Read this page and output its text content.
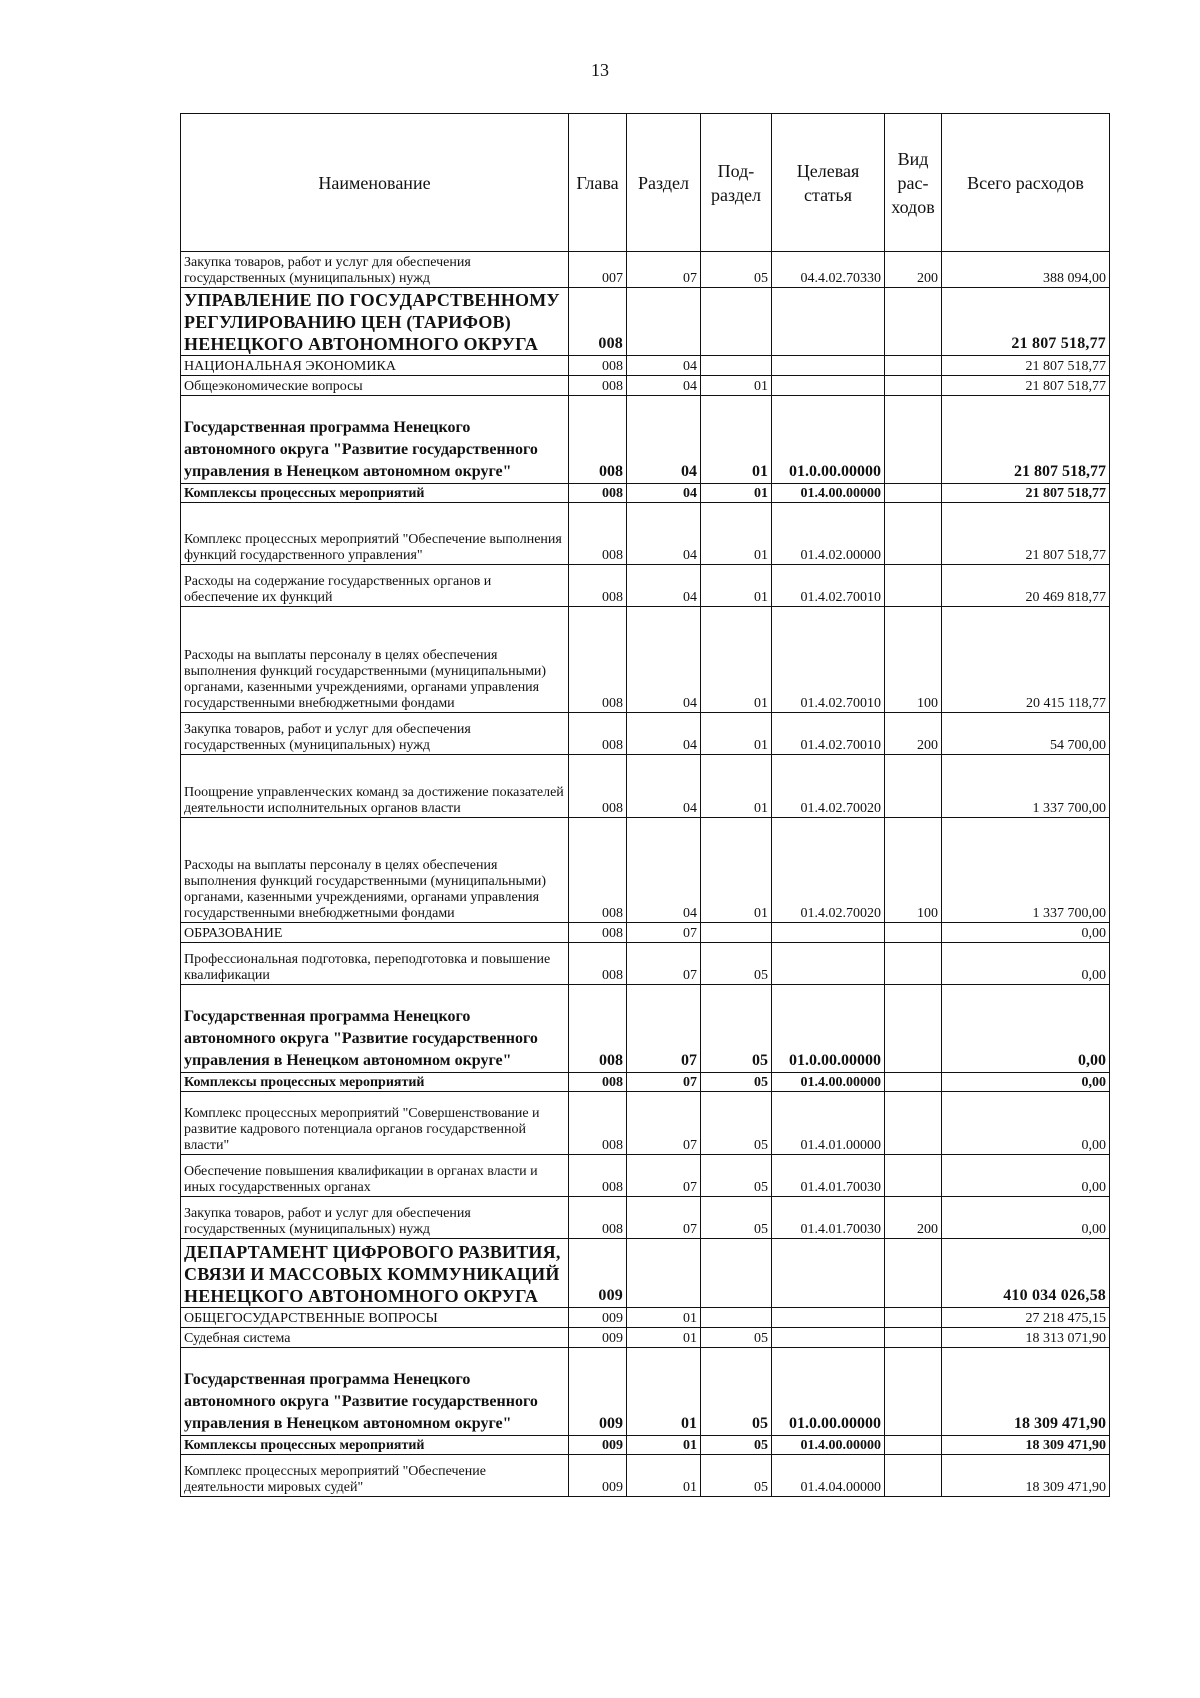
13
Наименование	Глава	Раздел	Под-раздел	Целевая статья	Вид рас-ходов	Всего расходов
Закупка товаров, работ и услуг для обеспечения государственных (муниципальных) нужд	007	07	05	04.4.02.70330	200	388 094,00
УПРАВЛЕНИЕ ПО ГОСУДАРСТВЕННОМУ РЕГУЛИРОВАНИЮ ЦЕН (ТАРИФОВ) НЕНЕЦКОГО АВТОНОМНОГО ОКРУГА	008					21 807 518,77
НАЦИОНАЛЬНАЯ ЭКОНОМИКА	008	04				21 807 518,77
Общеэкономические вопросы	008	04	01			21 807 518,77
Государственная программа Ненецкого автономного округа "Развитие государственного управления в Ненецком автономном округе"	008	04	01	01.0.00.00000		21 807 518,77
Комплексы процессных мероприятий	008	04	01	01.4.00.00000		21 807 518,77
Комплекс процессных мероприятий "Обеспечение выполнения функций государственного управления"	008	04	01	01.4.02.00000		21 807 518,77
Расходы на содержание государственных органов и обеспечение их функций	008	04	01	01.4.02.70010		20 469 818,77
Расходы на выплаты персоналу в целях обеспечения выполнения функций государственными (муниципальными) органами, казенными учреждениями, органами управления государственными внебюджетными фондами	008	04	01	01.4.02.70010	100	20 415 118,77
Закупка товаров, работ и услуг для обеспечения государственных (муниципальных) нужд	008	04	01	01.4.02.70010	200	54 700,00
Поощрение управленческих команд за достижение показателей деятельности исполнительных органов власти	008	04	01	01.4.02.70020		1 337 700,00
Расходы на выплаты персоналу в целях обеспечения выполнения функций государственными (муниципальными) органами, казенными учреждениями, органами управления государственными внебюджетными фондами	008	04	01	01.4.02.70020	100	1 337 700,00
ОБРАЗОВАНИЕ	008	07				0,00
Профессиональная подготовка, переподготовка и повышение квалификации	008	07	05			0,00
Государственная программа Ненецкого автономного округа "Развитие государственного управления в Ненецком автономном округе"	008	07	05	01.0.00.00000		0,00
Комплексы процессных мероприятий	008	07	05	01.4.00.00000		0,00
Комплекс процессных мероприятий "Совершенствование и развитие кадрового потенциала органов государственной власти"	008	07	05	01.4.01.00000		0,00
Обеспечение повышения квалификации в органах власти и иных государственных органах	008	07	05	01.4.01.70030		0,00
Закупка товаров, работ и услуг для обеспечения государственных (муниципальных) нужд	008	07	05	01.4.01.70030	200	0,00
ДЕПАРТАМЕНТ ЦИФРОВОГО РАЗВИТИЯ, СВЯЗИ И МАССОВЫХ КОММУНИКАЦИЙ НЕНЕЦКОГО АВТОНОМНОГО ОКРУГА	009					410 034 026,58
ОБЩЕГОСУДАРСТВЕННЫЕ ВОПРОСЫ	009	01				27 218 475,15
Судебная система	009	01	05			18 313 071,90
Государственная программа Ненецкого автономного округа "Развитие государственного управления в Ненецком автономном округе"	009	01	05	01.0.00.00000		18 309 471,90
Комплексы процессных мероприятий	009	01	05	01.4.00.00000		18 309 471,90
Комплекс процессных мероприятий "Обеспечение деятельности мировых судей"	009	01	05	01.4.04.00000		18 309 471,90
